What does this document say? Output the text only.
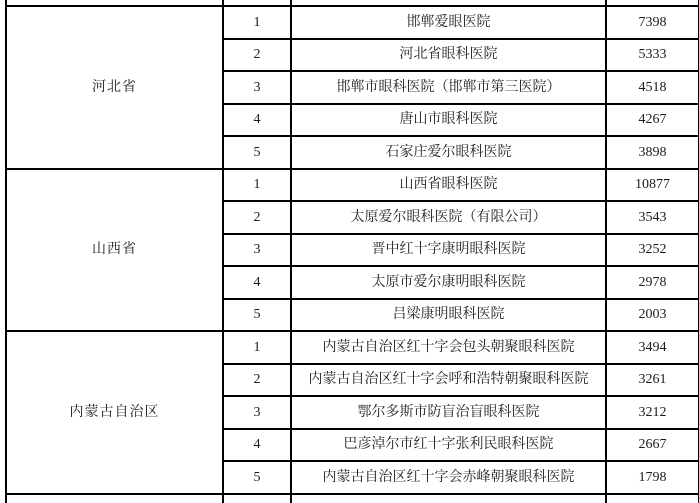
河北省	1	邯郸爱眼医院	7398
	2	河北省眼科医院	5333
	3	邯郸市眼科医院（邯郸市第三医院）	4518
	4	唐山市眼科医院	4267
	5	石家庄爱尔眼科医院	3898
山西省	1	山西省眼科医院	10877
	2	太原爱尔眼科医院（有限公司）	3543
	3	晋中红十字康明眼科医院	3252
	4	太原市爱尔康明眼科医院	2978
	5	吕梁康明眼科医院	2003
内蒙古自治区	1	内蒙古自治区红十字会包头朝聚眼科医院	3494
	2	内蒙古自治区红十字会呼和浩特朝聚眼科医院	3261
	3	鄂尔多斯市防盲治盲眼科医院	3212
	4	巴彦淖尔市红十字张利民眼科医院	2667
	5	内蒙古自治区红十字会赤峰朝聚眼科医院	1798
